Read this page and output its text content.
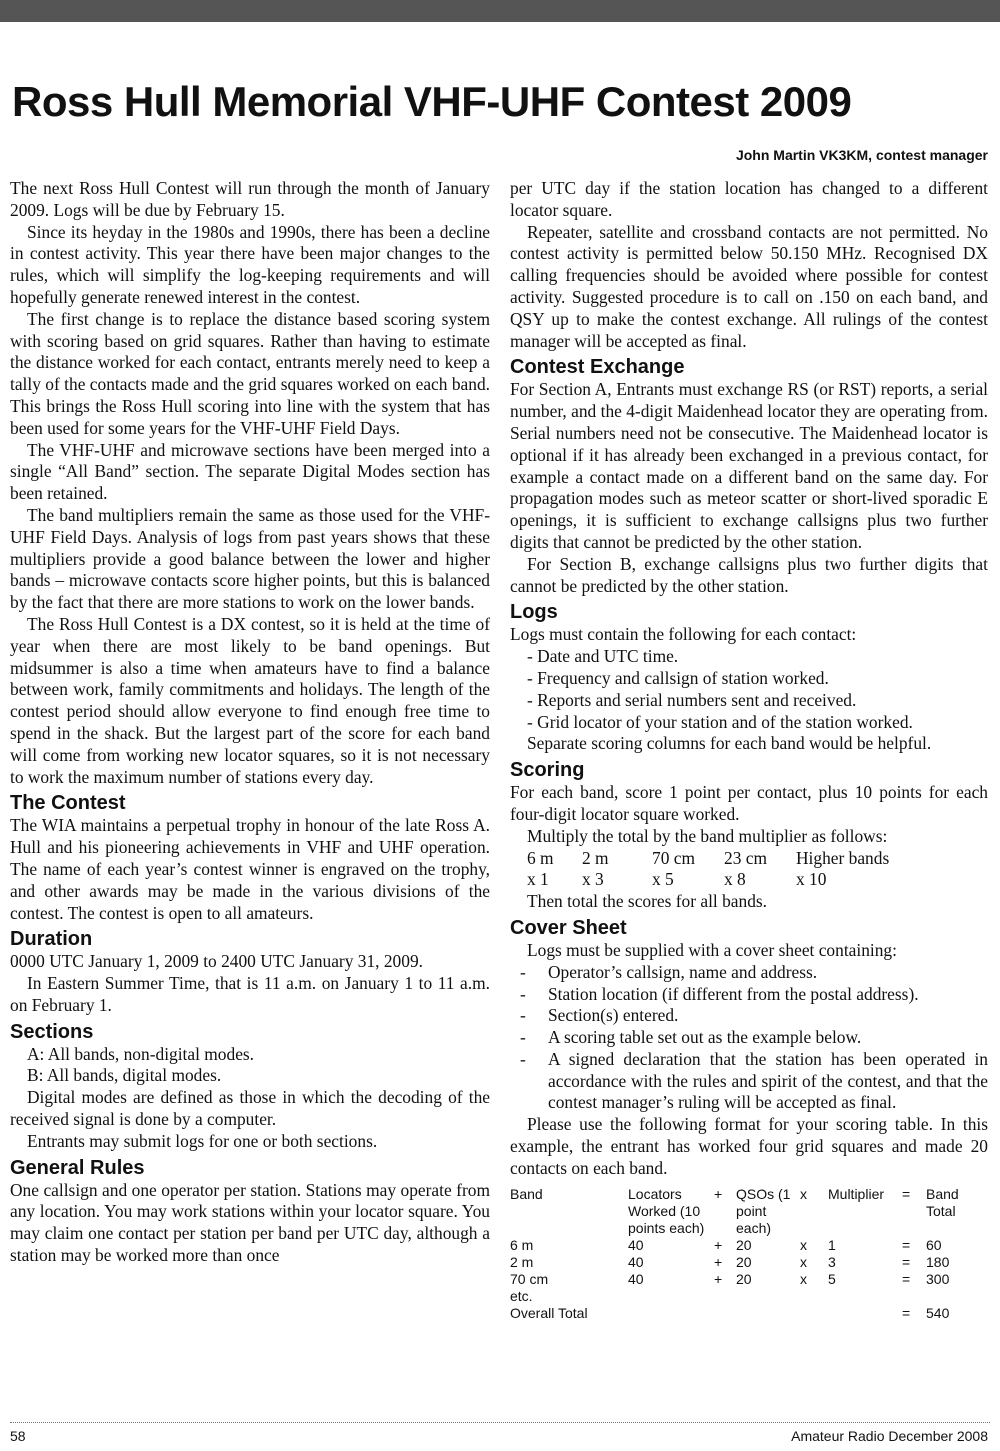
Ross Hull Memorial VHF-UHF Contest 2009
John Martin VK3KM, contest manager

The next Ross Hull Contest will run through the month of January 2009. Logs will be due by February 15.

Since its heyday in the 1980s and 1990s, there has been a decline in contest activity. This year there have been major changes to the rules, which will simplify the log-keeping requirements and will hopefully generate renewed interest in the contest.

The first change is to replace the distance based scoring system with scoring based on grid squares. Rather than having to estimate the distance worked for each contact, entrants merely need to keep a tally of the contacts made and the grid squares worked on each band. This brings the Ross Hull scoring into line with the system that has been used for some years for the VHF-UHF Field Days.

The VHF-UHF and microwave sections have been merged into a single “All Band” section. The separate Digital Modes section has been retained.

The band multipliers remain the same as those used for the VHF-UHF Field Days. Analysis of logs from past years shows that these multipliers provide a good balance between the lower and higher bands – microwave contacts score higher points, but this is balanced by the fact that there are more stations to work on the lower bands.

The Ross Hull Contest is a DX contest, so it is held at the time of year when there are most likely to be band openings. But midsummer is also a time when amateurs have to find a balance between work, family commitments and holidays. The length of the contest period should allow everyone to find enough free time to spend in the shack. But the largest part of the score for each band will come from working new locator squares, so it is not necessary to work the maximum number of stations every day.

The Contest

The WIA maintains a perpetual trophy in honour of the late Ross A. Hull and his pioneering achievements in VHF and UHF operation. The name of each year’s contest winner is engraved on the trophy, and other awards may be made in the various divisions of the contest. The contest is open to all amateurs.

Duration

0000 UTC January 1, 2009 to 2400 UTC January 31, 2009.

In Eastern Summer Time, that is 11 a.m. on January 1 to 11 a.m. on February 1.

Sections

A: All bands, non-digital modes.

B: All bands, digital modes.

Digital modes are defined as those in which the decoding of the received signal is done by a computer.

Entrants may submit logs for one or both sections.

General Rules

One callsign and one operator per station. Stations may operate from any location. You may work stations within your locator square. You may claim one contact per station per band per UTC day, although a station may be worked more than once

per UTC day if the station location has changed to a different locator square.

Repeater, satellite and crossband contacts are not permitted. No contest activity is permitted below 50.150 MHz. Recognised DX calling frequencies should be avoided where possible for contest activity. Suggested procedure is to call on .150 on each band, and QSY up to make the contest exchange. All rulings of the contest manager will be accepted as final.

Contest Exchange

For Section A, Entrants must exchange RS (or RST) reports, a serial number, and the 4-digit Maidenhead locator they are operating from. Serial numbers need not be consecutive. The Maidenhead locator is optional if it has already been exchanged in a previous contact, for example a contact made on a different band on the same day. For propagation modes such as meteor scatter or short-lived sporadic E openings, it is sufficient to exchange callsigns plus two further digits that cannot be predicted by the other station.

For Section B, exchange callsigns plus two further digits that cannot be predicted by the other station.

Logs

Logs must contain the following for each contact:

- Date and UTC time.
- Frequency and callsign of station worked.
- Reports and serial numbers sent and received.
- Grid locator of your station and of the station worked.

Separate scoring columns for each band would be helpful.

Scoring

For each band, score 1 point per contact, plus 10 points for each four-digit locator square worked.

Multiply the total by the band multiplier as follows:

6 m	2 m	70 cm	23 cm	Higher bands
x 1	x 3	x 5	x 8	x 10

Then total the scores for all bands.

Cover Sheet

Logs must be supplied with a cover sheet containing:

-	Operator’s callsign, name and address.
-	Station location (if different from the postal address).
-	Section(s) entered.
-	A scoring table set out as the example below.
-	A signed declaration that the station has been operated in accordance with the rules and spirit of the contest, and that the contest manager’s ruling will be accepted as final.

Please use the following format for your scoring table. In this example, the entrant has worked four grid squares and made 20 contacts on each band.

Band	Locators Worked (10 points each)	+	QSOs (1 point each)	x	Multiplier	=	Band Total
6 m	40	+	20	x	1	=	60
2 m	40	+	20	x	3	=	180
70 cm	40	+	20	x	5	=	300
etc.							
Overall Total						=	540
58	Amateur Radio December 2008
